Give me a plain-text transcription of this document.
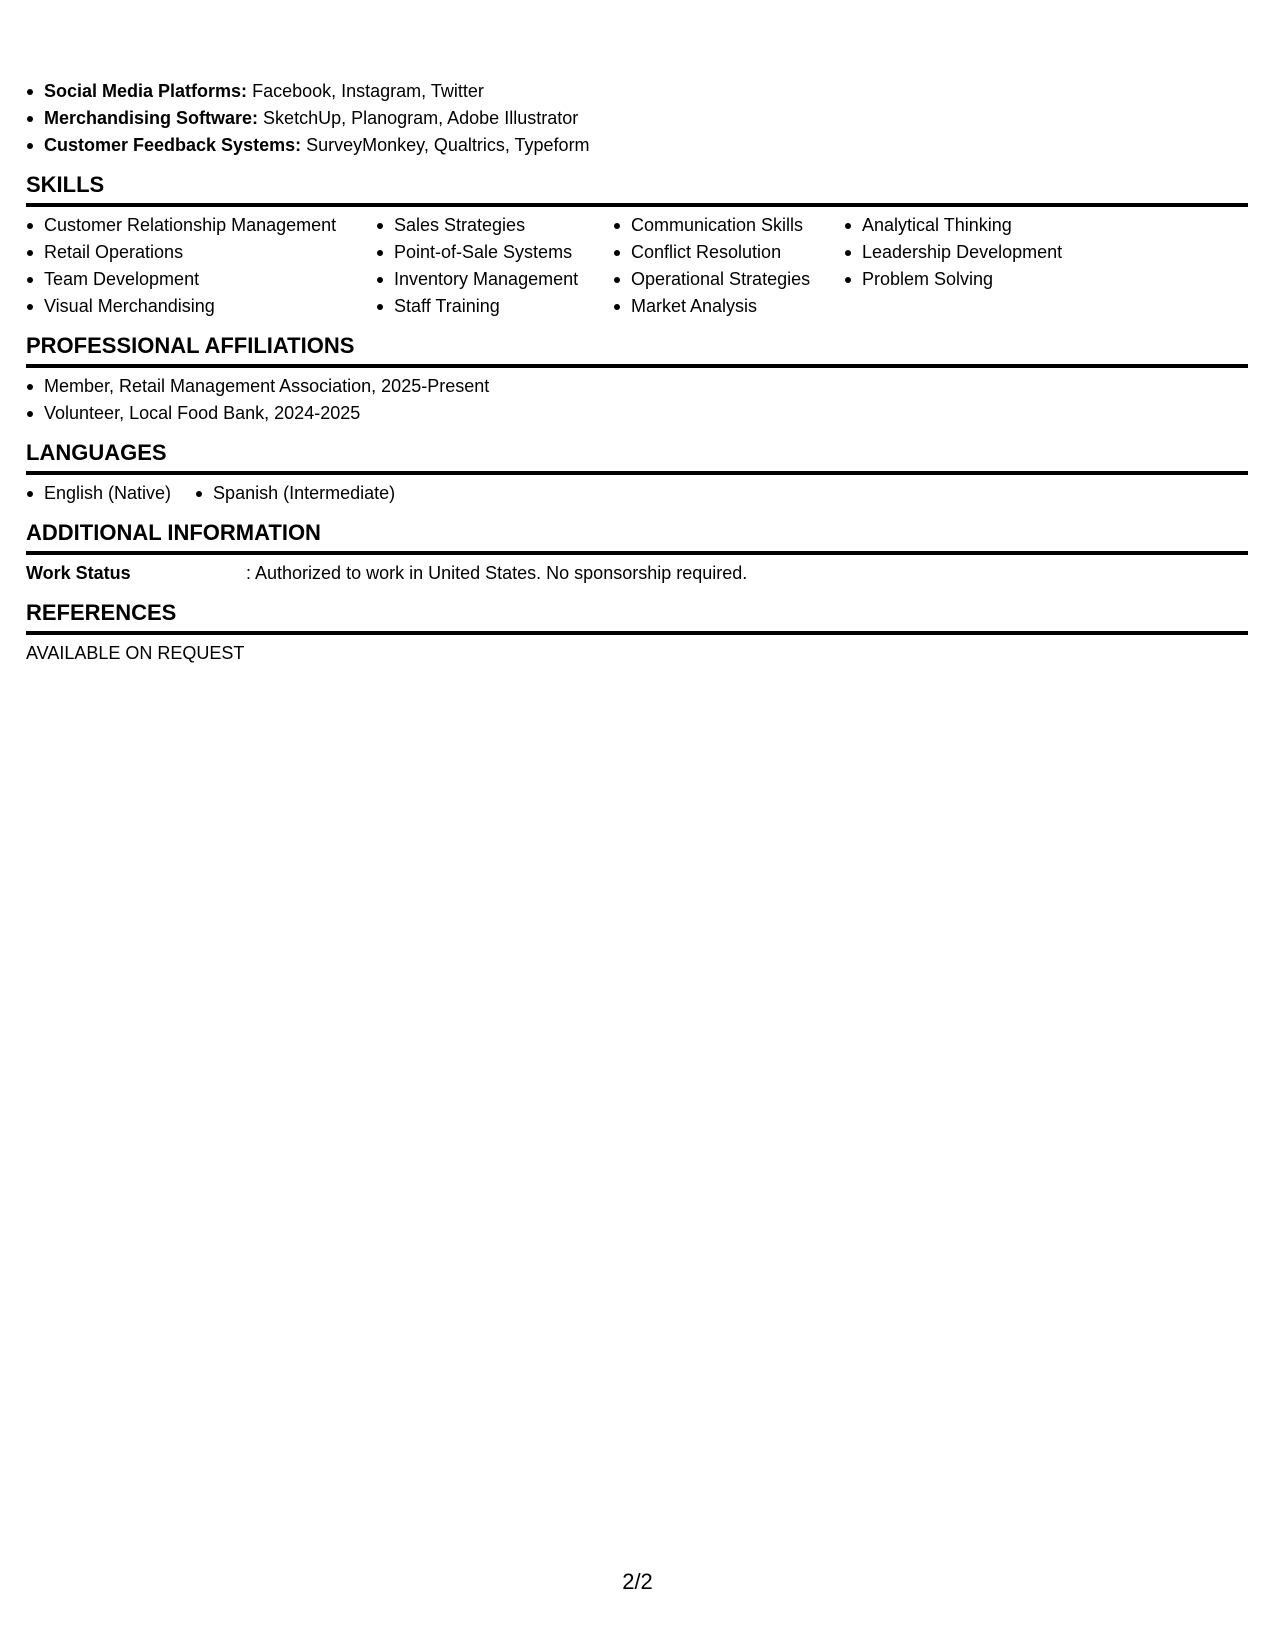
Social Media Platforms: Facebook, Instagram, Twitter
Merchandising Software: SketchUp, Planogram, Adobe Illustrator
Customer Feedback Systems: SurveyMonkey, Qualtrics, Typeform
SKILLS
Customer Relationship Management
Retail Operations
Team Development
Visual Merchandising
Sales Strategies
Point-of-Sale Systems
Inventory Management
Staff Training
Communication Skills
Conflict Resolution
Operational Strategies
Market Analysis
Analytical Thinking
Leadership Development
Problem Solving
PROFESSIONAL AFFILIATIONS
Member, Retail Management Association, 2025-Present
Volunteer, Local Food Bank, 2024-2025
LANGUAGES
English (Native)	Spanish (Intermediate)
ADDITIONAL INFORMATION
Work Status	: Authorized to work in United States. No sponsorship required.
REFERENCES
AVAILABLE ON REQUEST
2/2
